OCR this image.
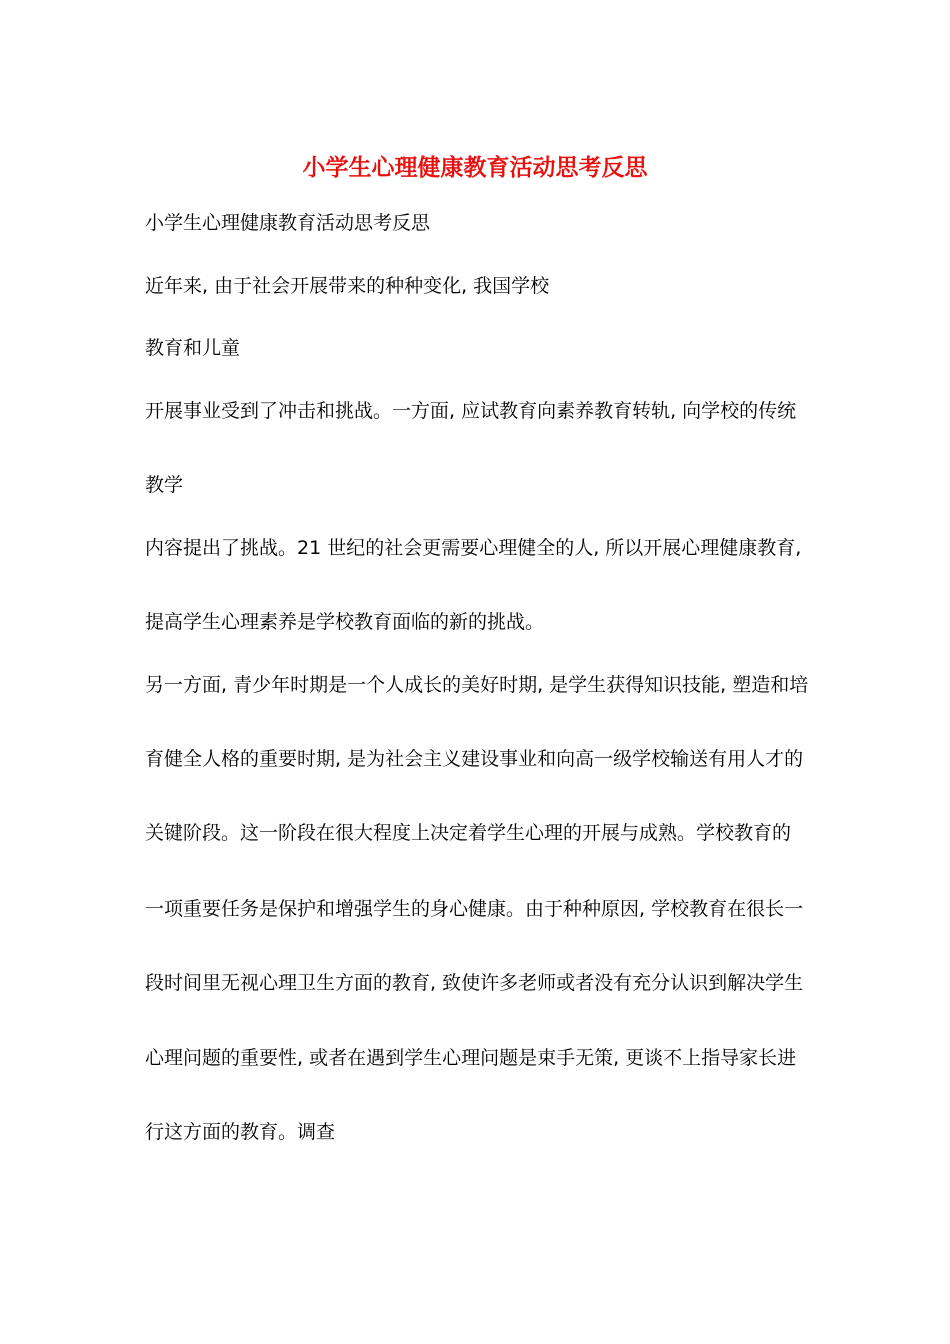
小学生心理健康教育活动思考反思
小学生心理健康教育活动思考反思
近年来, 由于社会开展带来的种种变化, 我国学校
教育和儿童
开展事业受到了冲击和挑战。一方面, 应试教育向素养教育转轨, 向学校的传统
教学
内容提出了挑战。21 世纪的社会更需要心理健全的人, 所以开展心理健康教育,
提高学生心理素养是学校教育面临的新的挑战。
另一方面, 青少年时期是一个人成长的美好时期, 是学生获得知识技能, 塑造和培
育健全人格的重要时期, 是为社会主义建设事业和向高一级学校输送有用人才的
关键阶段。这一阶段在很大程度上决定着学生心理的开展与成熟。学校教育的
一项重要任务是保护和增强学生的身心健康。由于种种原因, 学校教育在很长一
段时间里无视心理卫生方面的教育, 致使许多老师或者没有充分认识到解决学生
心理问题的重要性, 或者在遇到学生心理问题是束手无策, 更谈不上指导家长进
行这方面的教育。调查
